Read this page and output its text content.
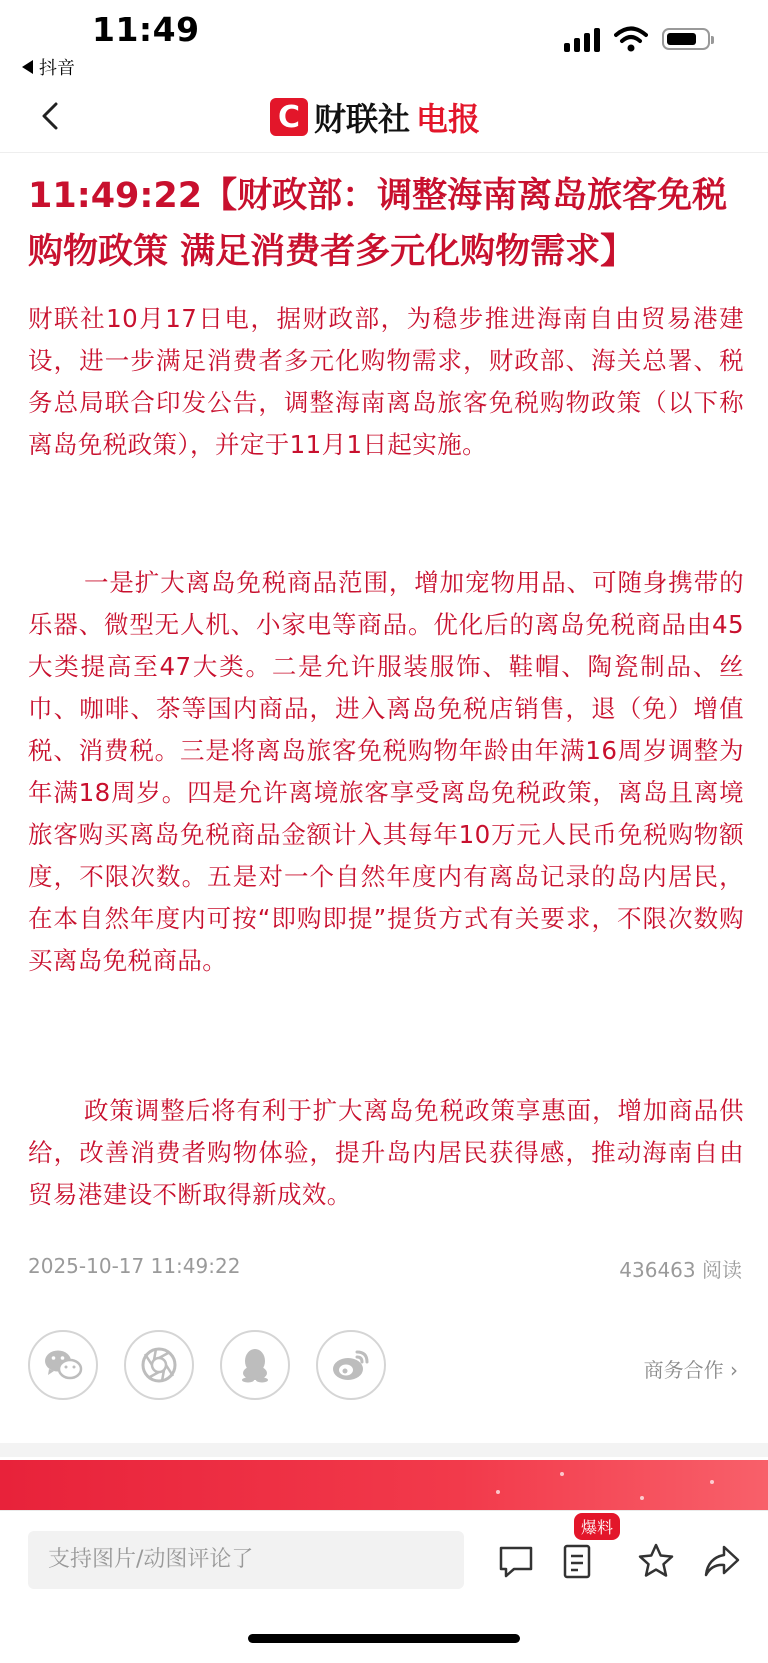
11:49
抖音
C 财联社 电报
11:49:22【财政部：调整海南离岛旅客免税购物政策 满足消费者多元化购物需求】

财联社10月17日电，据财政部，为稳步推进海南自由贸易港建设，进一步满足消费者多元化购物需求，财政部、海关总署、税务总局联合印发公告，调整海南离岛旅客免税购物政策（以下称离岛免税政策），并定于11月1日起实施。

一是扩大离岛免税商品范围，增加宠物用品、可随身携带的乐器、微型无人机、小家电等商品。优化后的离岛免税商品由45大类提高至47大类。二是允许服装服饰、鞋帽、陶瓷制品、丝巾、咖啡、茶等国内商品，进入离岛免税店销售，退（免）增值税、消费税。三是将离岛旅客免税购物年龄由年满16周岁调整为年满18周岁。四是允许离境旅客享受离岛免税政策，离岛且离境旅客购买离岛免税商品金额计入其每年10万元人民币免税购物额度，不限次数。五是对一个自然年度内有离岛记录的岛内居民，在本自然年度内可按“即购即提”提货方式有关要求，不限次数购买离岛免税商品。

政策调整后将有利于扩大离岛免税政策享惠面，增加商品供给，改善消费者购物体验，提升岛内居民获得感，推动海南自由贸易港建设不断取得新成效。

2025-10-17 11:49:22	436463 阅读
商务合作 ›
支持图片/动图评论了
爆料
